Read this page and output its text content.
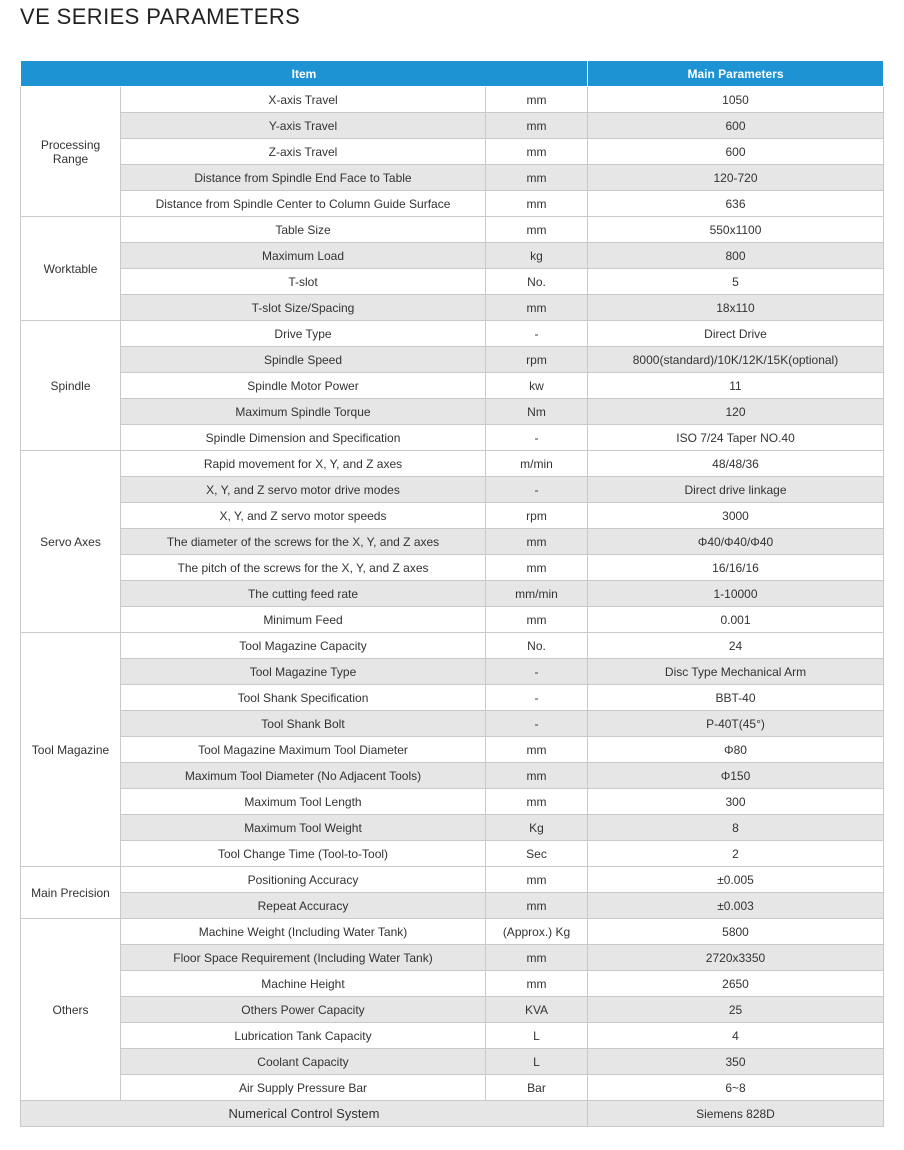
VE SERIES PARAMETERS
Item			Main Parameters
Processing Range	X-axis Travel	mm	1050
	Y-axis Travel	mm	600
	Z-axis Travel	mm	600
	Distance from Spindle End Face to Table	mm	120-720
	Distance from Spindle Center to Column Guide Surface	mm	636
Worktable	Table Size	mm	550x1100
	Maximum Load	kg	800
	T-slot	No.	5
	T-slot Size/Spacing	mm	18x110
Spindle	Drive Type	-	Direct Drive
	Spindle Speed	rpm	8000(standard)/10K/12K/15K(optional)
	Spindle Motor Power	kw	11
	Maximum Spindle Torque	Nm	120
	Spindle Dimension and Specification	-	ISO 7/24 Taper NO.40
Servo Axes	Rapid movement for X, Y, and Z axes	m/min	48/48/36
	X, Y, and Z servo motor drive modes	-	Direct drive linkage
	X, Y, and Z servo motor speeds	rpm	3000
	The diameter of the screws for the X, Y, and Z axes	mm	Φ40/Φ40/Φ40
	The pitch of the screws for the X, Y, and Z axes	mm	16/16/16
	The cutting feed rate	mm/min	1-10000
	Minimum Feed	mm	0.001
Tool Magazine	Tool Magazine Capacity	No.	24
	Tool Magazine Type	-	Disc Type Mechanical Arm
	Tool Shank Specification	-	BBT-40
	Tool Shank Bolt	-	P-40T(45°)
	Tool Magazine Maximum Tool Diameter	mm	Φ80
	Maximum Tool Diameter (No Adjacent Tools)	mm	Φ150
	Maximum Tool Length	mm	300
	Maximum Tool Weight	Kg	8
	Tool Change Time (Tool-to-Tool)	Sec	2
Main Precision	Positioning Accuracy	mm	±0.005
	Repeat Accuracy	mm	±0.003
Others	Machine Weight (Including Water Tank)	(Approx.) Kg	5800
	Floor Space Requirement (Including Water Tank)	mm	2720x3350
	Machine Height	mm	2650
	Others Power Capacity	KVA	25
	Lubrication Tank Capacity	L	4
	Coolant Capacity	L	350
	Air Supply Pressure Bar	Bar	6~8
Numerical Control System			Siemens 828D
